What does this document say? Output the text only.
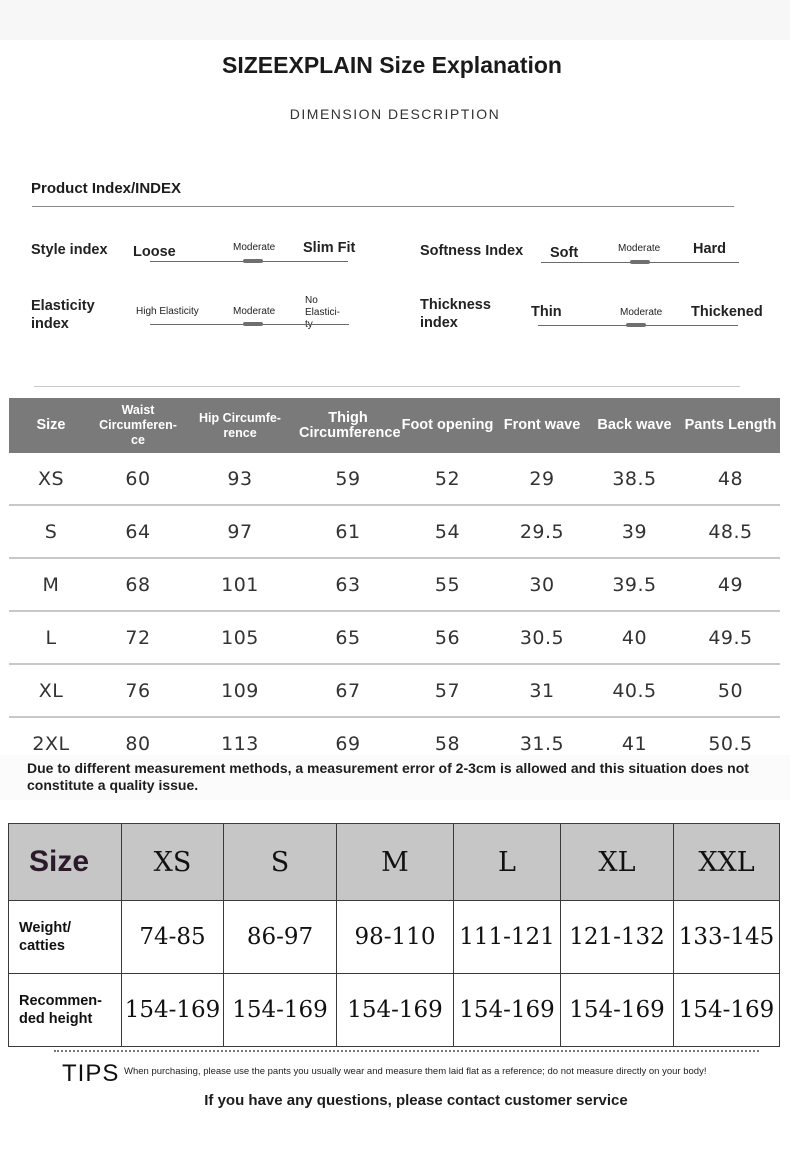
SIZEEXPLAIN Size Explanation
DIMENSION DESCRIPTION
Product Index/INDEX
Style index Loose	Moderate Slim Fit	Softness Index Soft	Moderate Hard
Elasticity index
High Elasticity	Moderate
No Elastici-	Thickness index
Thin	Moderate Thickened
Size	Waist Circumferen-ce	Hip Circumfe-rence	Thigh Circumference	Foot opening	Front wave	Back wave	Pants Length
XS	60	93	59	52	29	38.5	48
S	64	97	61	54	29.5	39	48.5
M	68	101	63	55	30	39.5	49
L	72	105	65	56	30.5	40	49.5
XL	76	109	67	57	31	40.5	50
2XL	80	113	69	58	31.5	41	50.5
Due to different measurement methods, a measurement error of 2-3cm is allowed and this situation does not constitute a quality issue.
Size	XS	S	M	L	XL	XXL
Weight/ catties	74-85	86-97	98-110	111-121	121-132	133-145
Recommen-ded height	154-169	154-169	154-169	154-169	154-169	154-169
TIPS When purchasing, please use the pants you usually wear and measure them laid flat as a reference; do not measure directly on your body!
If you have any questions, please contact customer service
